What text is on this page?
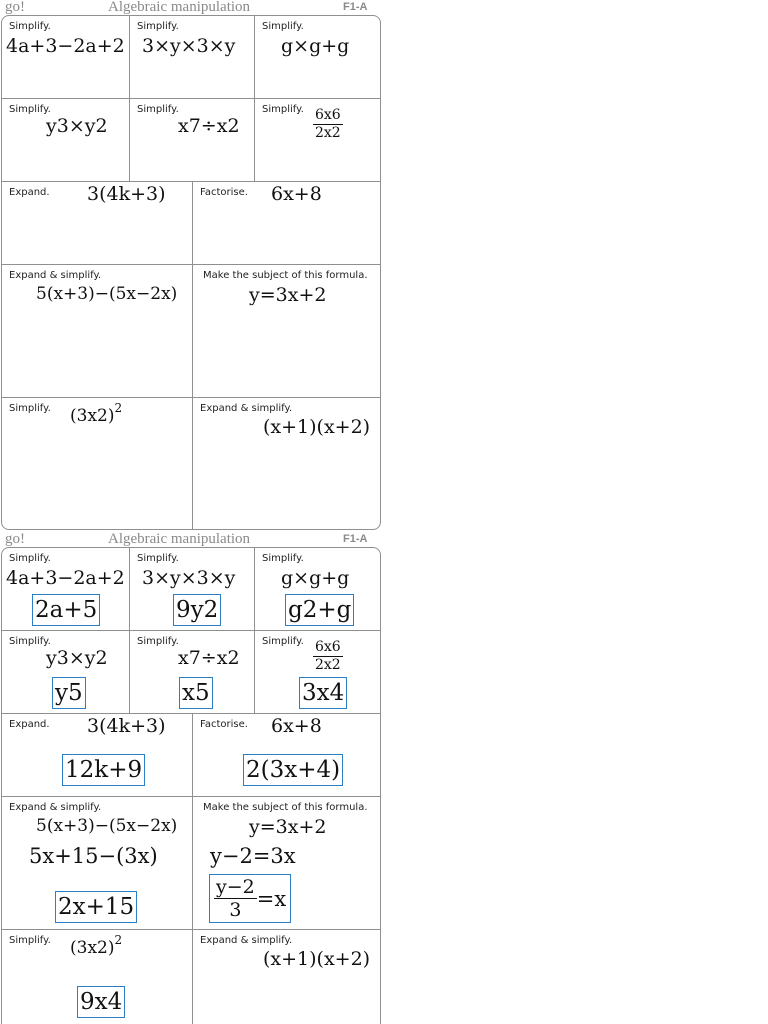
go!	Algebraic manipulation	F1-A
Simplify.
4a+3−2a+2
Simplify.
3×y×3×y
Simplify.
g×g+g
Simplify.
y3×y2
Simplify.
x7÷x2
Simplify. $\frac{6x6}{2x2}$
Expand. 3(4k+3)	Factorise. 6x+8
Expand & simplify.
5(x+3)−(5x−2x)
Make the subject of this formula.
y=3x+2
Simplify. $(3x2)^2$	Expand & simplify.
(x+1)(x+2)
go!	Algebraic manipulation	F1-A
Simplify.
4a+3−2a+2
2a+5
Simplify.
3×y×3×y
9y2
Simplify.
g×g+g
g2+g
Simplify.
y3×y2
y5
Simplify.
x7÷x2
x5
Simplify. $\frac{6x6}{2x2}$
3x4
Expand. 3(4k+3)
12k+9
Factorise. 6x+8
2(3x+4)
Expand & simplify.
5(x+3)−(5x−2x)
5x+15−(3x)
2x+15
Make the subject of this formula.
y=3x+2
y−2=3x
$\frac{y-2}{3} =x$
Simplify. $(3x2)^2$
9x4
Expand & simplify.
(x+1)(x+2)
